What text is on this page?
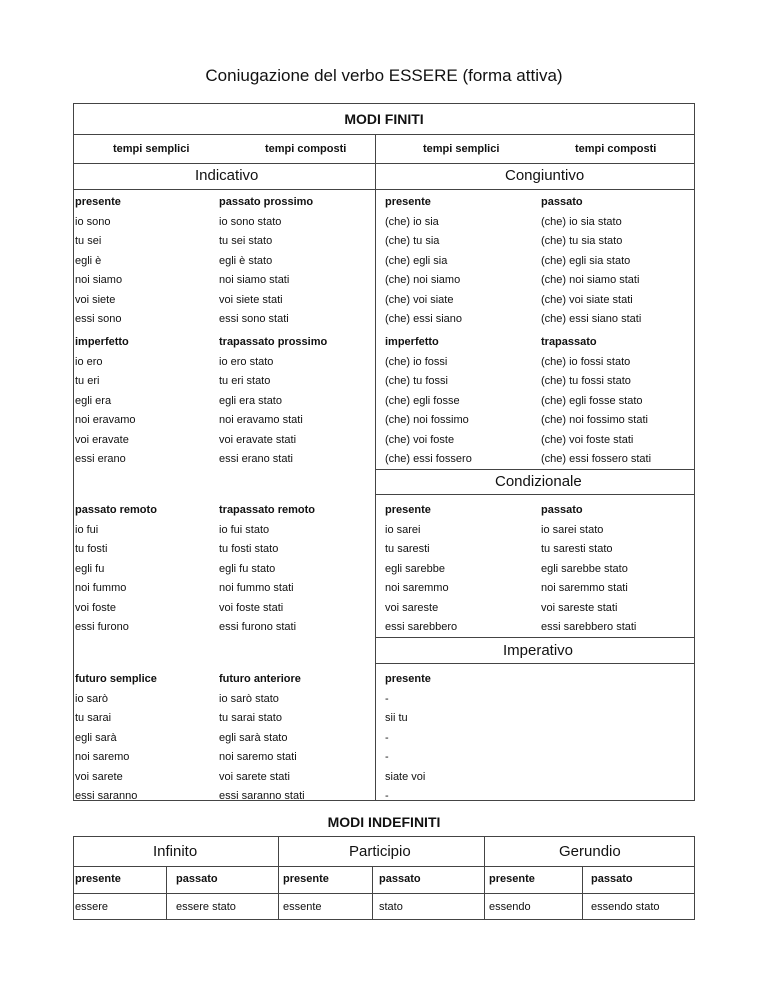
Coniugazione del verbo ESSERE (forma attiva)
MODI FINITI
tempi semplici	tempi composti	tempi semplici	tempi composti
Indicativo	Congiuntivo
presente	passato prossimo	presente	passato
io sono	io sono stato	(che) io sia	(che) io sia stato
tu sei	tu sei stato	(che) tu sia	(che) tu sia stato
egli è	egli è stato	(che) egli sia	(che) egli sia stato
noi siamo	noi siamo stati	(che) noi siamo	(che) noi siamo stati
voi siete	voi siete stati	(che) voi siate	(che) voi siate stati
essi sono	essi sono stati	(che) essi siano	(che) essi siano stati
imperfetto	trapassato prossimo	imperfetto	trapassato
io ero	io ero stato	(che) io fossi	(che) io fossi stato
tu eri	tu eri stato	(che) tu fossi	(che) tu fossi stato
egli era	egli era stato	(che) egli fosse	(che) egli fosse stato
noi eravamo	noi eravamo stati	(che) noi fossimo	(che) noi fossimo stati
voi eravate	voi eravate stati	(che) voi foste	(che) voi foste stati
essi erano	essi erano stati	(che) essi fossero	(che) essi fossero stati
Condizionale
passato remoto	trapassato remoto	presente	passato
io fui	io fui stato	io sarei	io sarei stato
tu fosti	tu fosti stato	tu saresti	tu saresti stato
egli fu	egli fu stato	egli sarebbe	egli sarebbe stato
noi fummo	noi fummo stati	noi saremmo	noi saremmo stati
voi foste	voi foste stati	voi sareste	voi sareste stati
essi furono	essi furono stati	essi sarebbero	essi sarebbero stati
Imperativo
futuro semplice	futuro anteriore	presente
io sarò	io sarò stato	-
tu sarai	tu sarai stato	sii tu
egli sarà	egli sarà stato	-
noi saremo	noi saremo stati	-
voi sarete	voi sarete stati	siate voi
essi saranno	essi saranno stati	-
MODI INDEFINITI
Infinito	Participio	Gerundio
presente	passato	presente	passato	presente	passato
essere	essere stato	essente	stato	essendo	essendo stato
